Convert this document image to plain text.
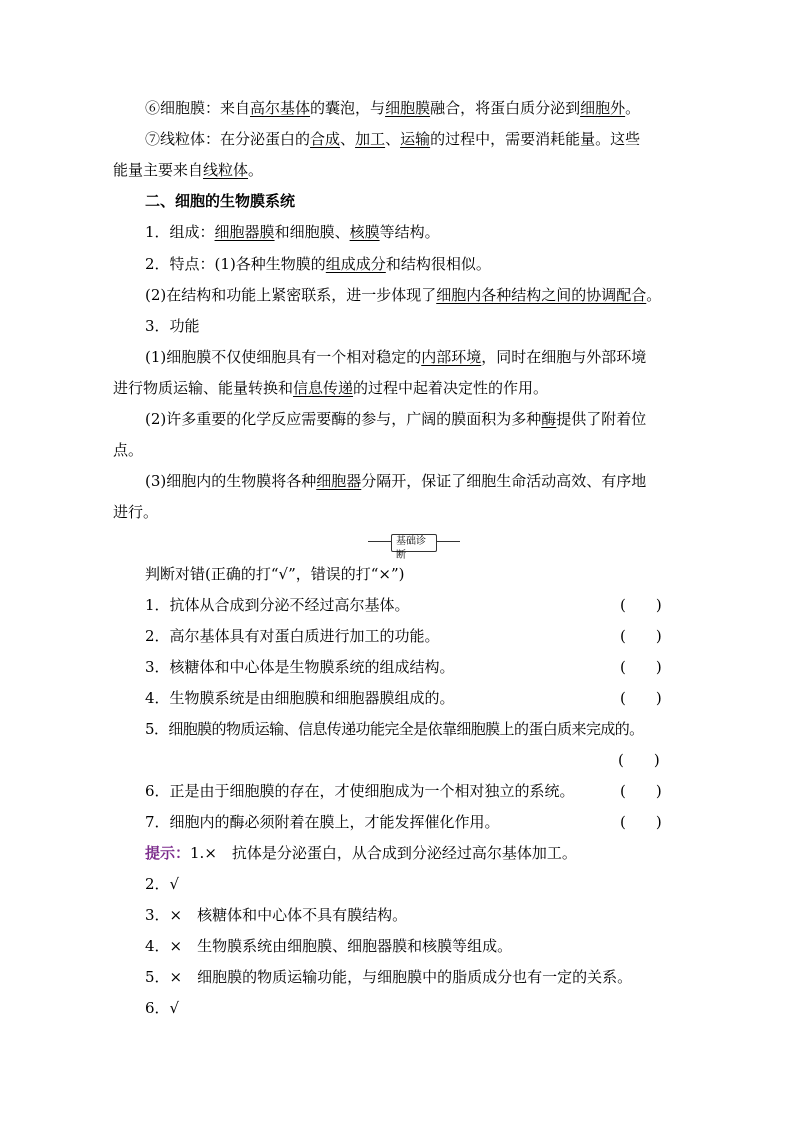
⑥细胞膜：来自高尔基体的囊泡，与细胞膜融合，将蛋白质分泌到细胞外。
⑦线粒体：在分泌蛋白的合成、加工、运输的过程中，需要消耗能量。这些
能量主要来自线粒体。
二、细胞的生物膜系统
1．组成：细胞器膜和细胞膜、核膜等结构。
2．特点：(1)各种生物膜的组成成分和结构很相似。
(2)在结构和功能上紧密联系，进一步体现了细胞内各种结构之间的协调配合。
3．功能
(1)细胞膜不仅使细胞具有一个相对稳定的内部环境，同时在细胞与外部环境
进行物质运输、能量转换和信息传递的过程中起着决定性的作用。
(2)许多重要的化学反应需要酶的参与，广阔的膜面积为多种酶提供了附着位
点。
(3)细胞内的生物膜将各种细胞器分隔开，保证了细胞生命活动高效、有序地
进行。
基础诊断
判断对错(正确的打“√”，错误的打“×”)
1．抗体从合成到分泌不经过高尔基体。	(　　)
2．高尔基体具有对蛋白质进行加工的功能。	(　　)
3．核糖体和中心体是生物膜系统的组成结构。	(　　)
4．生物膜系统是由细胞膜和细胞器膜组成的。	(　　)
5．细胞膜的物质运输、信息传递功能完全是依靠细胞膜上的蛋白质来完成的。
(　　)
6．正是由于细胞膜的存在，才使细胞成为一个相对独立的系统。	(　　)
7．细胞内的酶必须附着在膜上，才能发挥催化作用。	(　　)
提示：1.×　抗体是分泌蛋白，从合成到分泌经过高尔基体加工。
2．√
3．×　核糖体和中心体不具有膜结构。
4．×　生物膜系统由细胞膜、细胞器膜和核膜等组成。
5．×　细胞膜的物质运输功能，与细胞膜中的脂质成分也有一定的关系。
6．√
